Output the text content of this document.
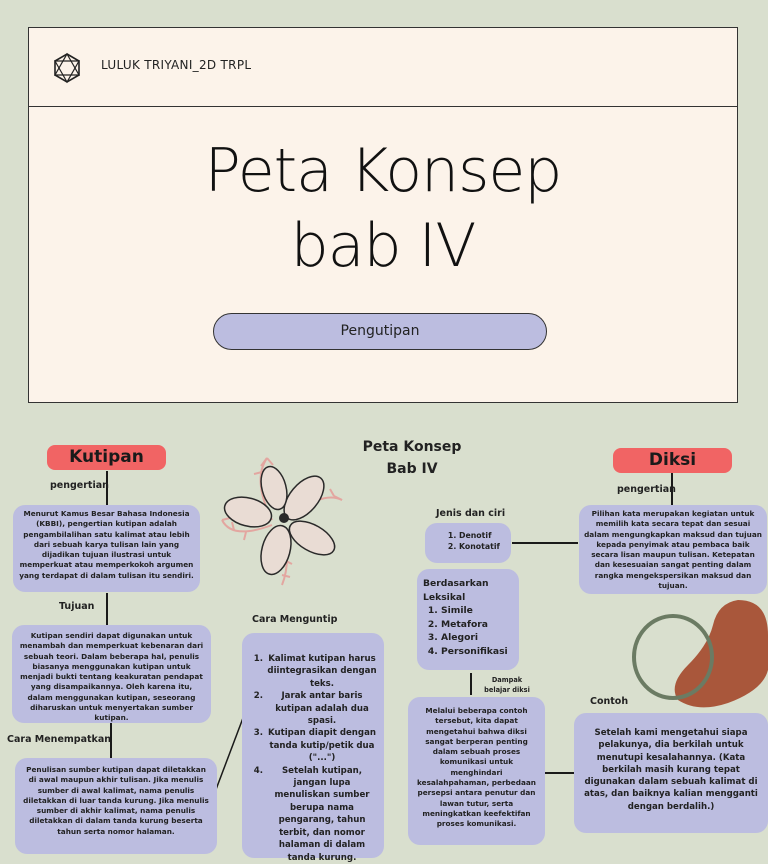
LULUK TRIYANI_2D TRPL
Peta Konsep
bab IV
Pengutipan
Peta Konsep
Bab IV
Kutipan
pengertian
Menurut Kamus Besar Bahasa Indonesia (KBBI), pengertian kutipan adalah pengambilalihan satu kalimat atau lebih dari sebuah karya tulisan lain yang dijadikan tujuan ilustrasi untuk memperkuat atau memperkokoh argumen yang terdapat di dalam tulisan itu sendiri.
Tujuan
Kutipan sendiri dapat digunakan untuk menambah dan memperkuat kebenaran dari sebuah teori. Dalam beberapa hal, penulis biasanya menggunakan kutipan untuk menjadi bukti tentang keakuratan pendapat yang disampaikannya. Oleh karena itu, dalam menggunakan kutipan, seseorang diharuskan untuk menyertakan sumber kutipan.
Cara Menempatkan
Penulisan sumber kutipan dapat diletakkan di awal maupun akhir tulisan. Jika menulis sumber di awal kalimat, nama penulis diletakkan di luar tanda kurung. Jika menulis sumber di akhir kalimat, nama penulis diletakkan di dalam tanda kurung beserta tahun serta nomor halaman.
Cara Menguntip
1. Kalimat kutipan harus diintegrasikan dengan teks.
2. Jarak antar baris kutipan adalah dua spasi.
3. Kutipan diapit dengan tanda kutip/petik dua ("...")
4. Setelah kutipan, jangan lupa menuliskan sumber berupa nama pengarang, tahun terbit, dan nomor halaman di dalam tanda kurung.
Diksi
pengertian
Pilihan kata merupakan kegiatan untuk memilih kata secara tepat dan sesuai dalam mengungkapkan maksud dan tujuan kepada penyimak atau pembaca baik secara lisan maupun tulisan. Ketepatan dan kesesuaian sangat penting dalam rangka mengekspersikan maksud dan tujuan.
Jenis dan ciri
1. Denotif
2. Konotatif
Berdasarkan Leksikal
1. Simile
2. Metafora
3. Alegori
4. Personifikasi
Dampak belajar diksi
Melalui beberapa contoh tersebut, kita dapat mengetahui bahwa diksi sangat berperan penting dalam sebuah proses komunikasi untuk menghindari kesalahpahaman, perbedaan persepsi antara penutur dan lawan tutur, serta meningkatkan keefektifan proses komunikasi.
Contoh
Setelah kami mengetahui siapa pelakunya, dia berkilah untuk menutupi kesalahannya. (Kata berkilah masih kurang tepat digunakan dalam sebuah kalimat di atas, dan baiknya kalian mengganti dengan berdalih.)
